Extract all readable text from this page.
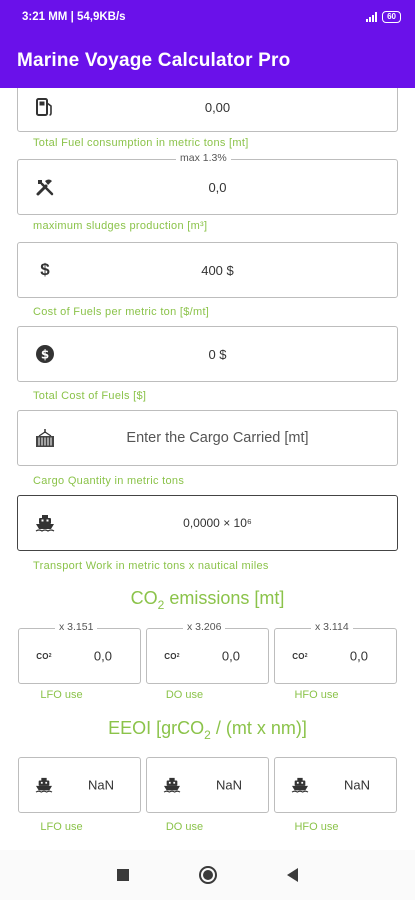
3:21 MM | 54,9KB/s	60
Marine Voyage Calculator Pro
0,00
Total Fuel consumption in metric tons [mt]
max 1.3%
0,0
maximum sludges production [m³]
$	400 $
Cost of Fuels per metric ton [$/mt]
$	0 $
Total Cost of Fuels [$]
Enter the Cargo Carried [mt]
Cargo Quantity in metric tons
0,0000 × 10⁶
Transport Work in metric tons x nautical miles
$CO_2$ emissions [mt]
x 3.151
CO 2	0,0
x 3.206
CO 2	0,0
x 3.114
CO 2	0,0
LFO use	DO use	HFO use
EEOI [grCO$_2$ / (mt x nm)]
NaN	NaN	NaN
LFO use	DO use	HFO use
